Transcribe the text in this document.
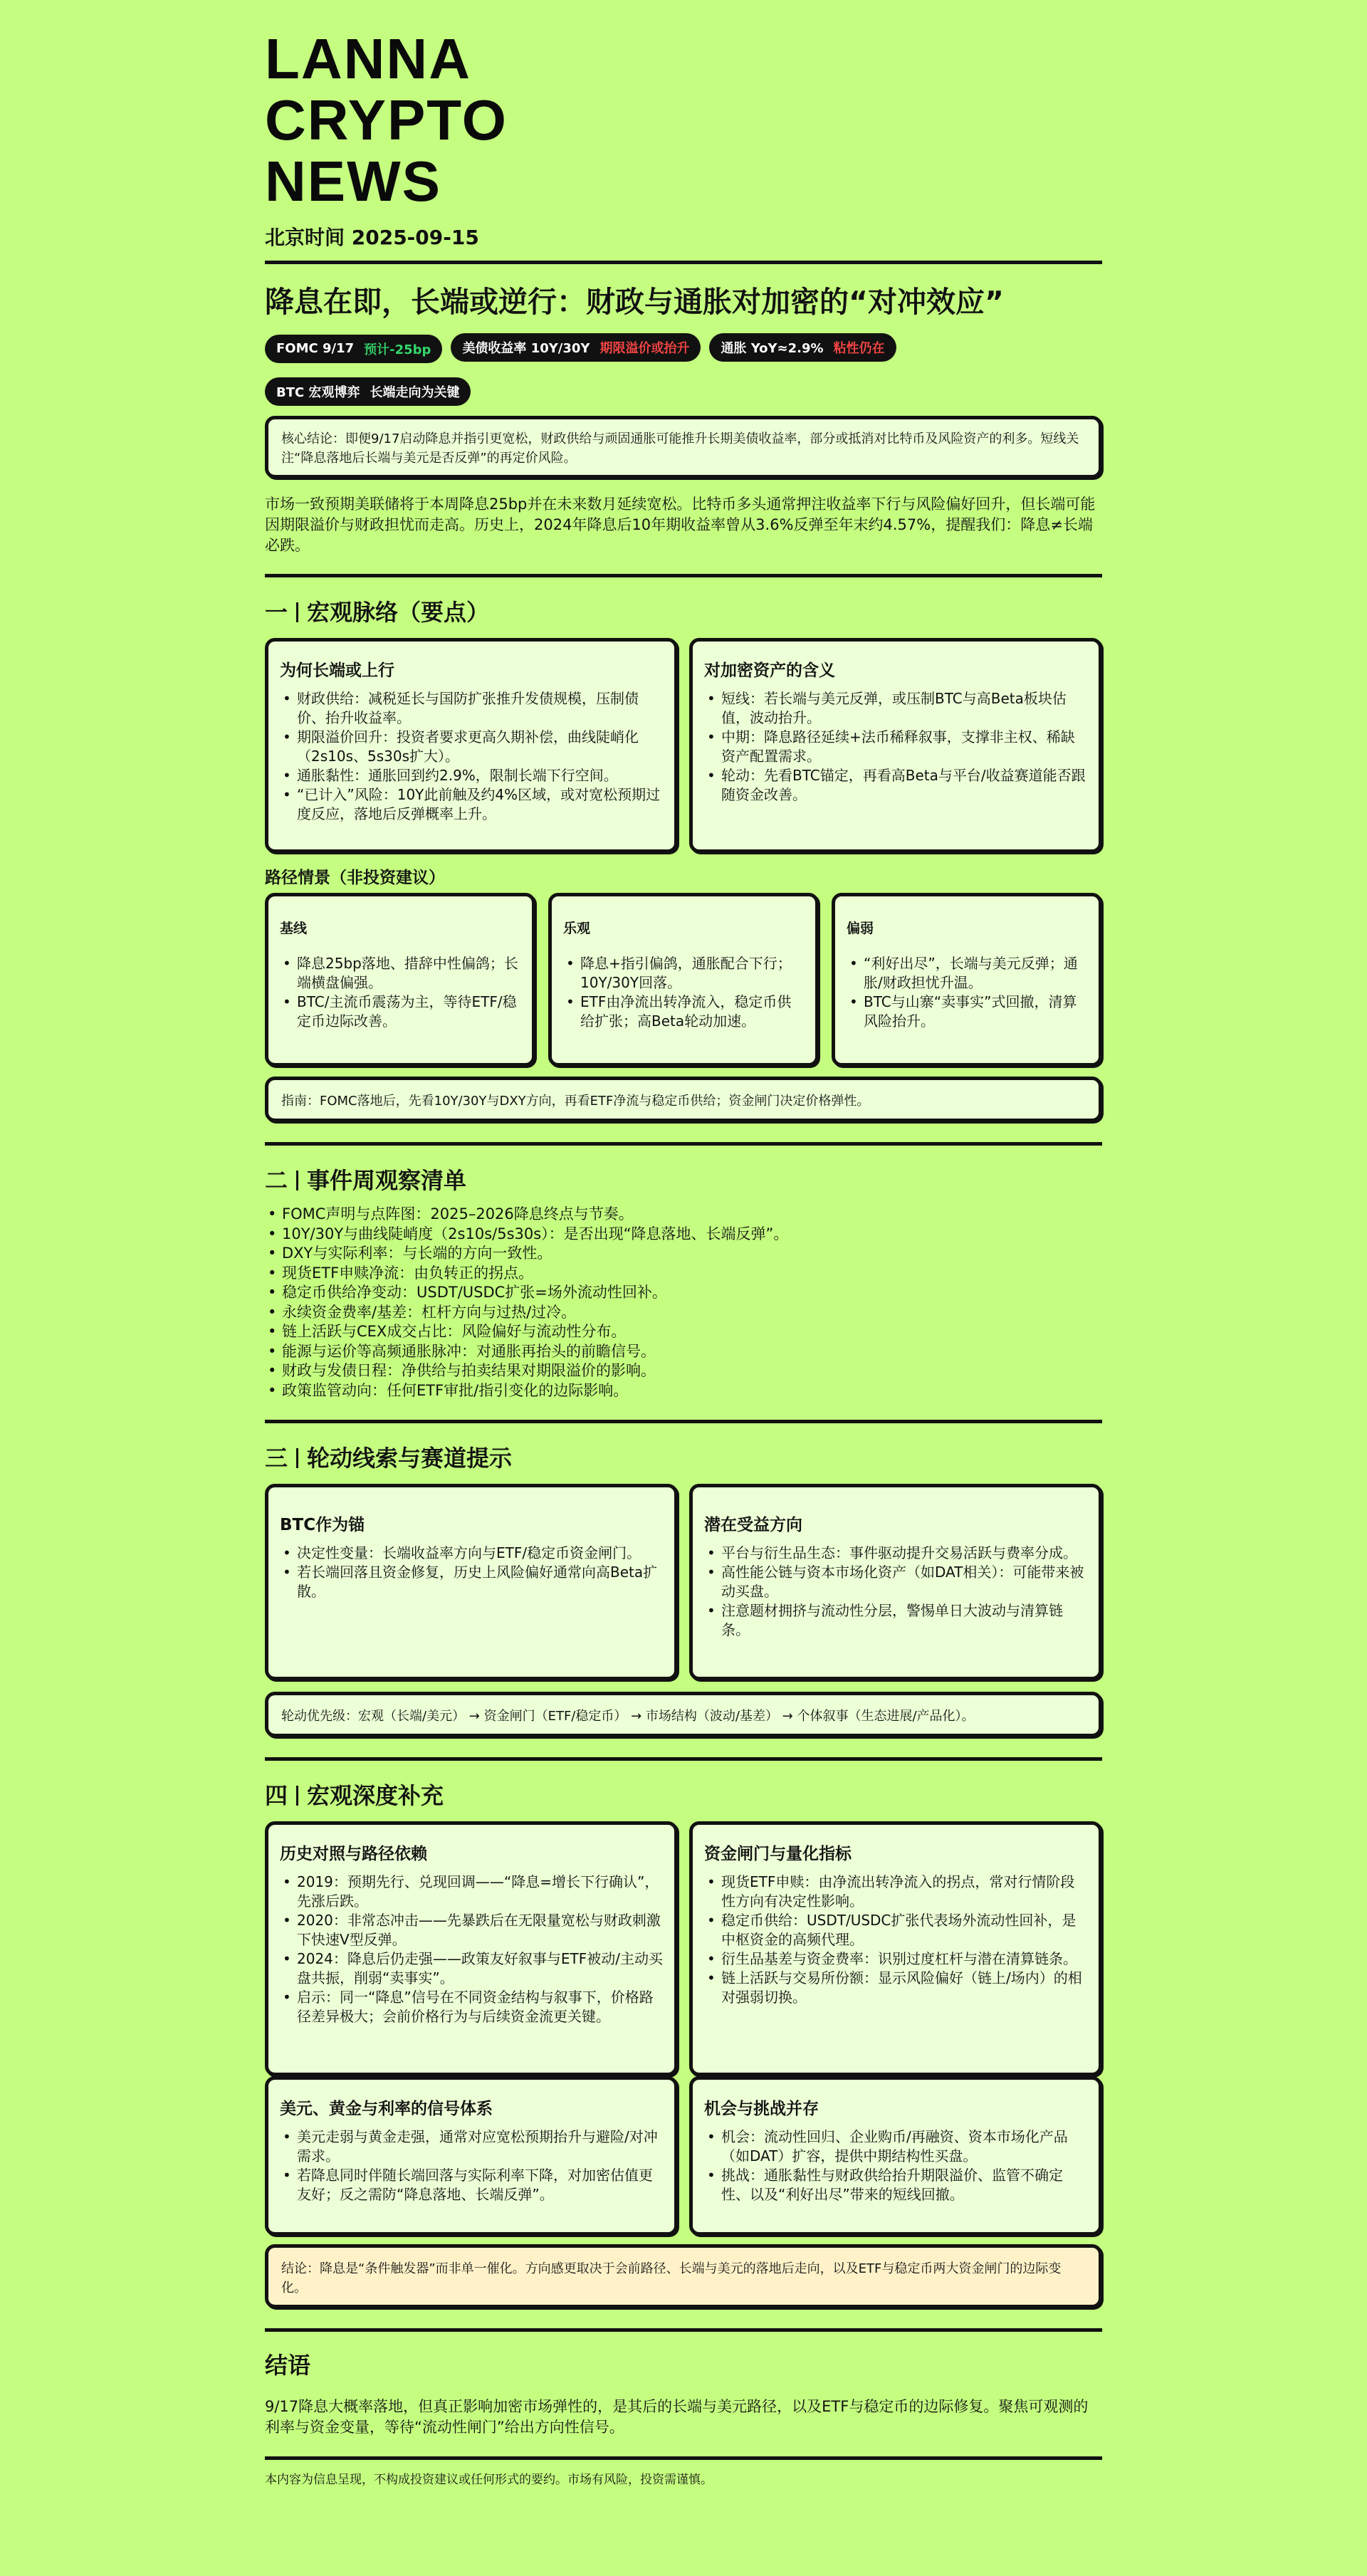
LANNA
CRYPTO
NEWS
北京时间 2025-09-15
降息在即，长端或逆行：财政与通胀对加密的“对冲效应”
FOMC 9/17 预计-25bp 美债收益率 10Y/30Y 期限溢价或抬升 通胀 YoY≈2.9% 粘性仍在

BTC 宏观博弈 长端走向为关键
核心结论：即便9/17启动降息并指引更宽松，财政供给与顽固通胀可能推升长期美债收益率，部分或抵消对比特币及风险资产的利多。短线关注“降息落地后长端与美元是否反弹”的再定价风险。
市场一致预期美联储将于本周降息25bp并在未来数月延续宽松。比特币多头通常押注收益率下行与风险偏好回升，但长端可能因期限溢价与财政担忧而走高。历史上，2024年降息后10年期收益率曾从3.6%反弹至年末约4.57%，提醒我们：降息≠长端必跌。
一 宏观脉络（要点）
为何长端或上行
• 财政供给：减税延长与国防扩张推升发债规模，压制债价、抬升收益率。
• 期限溢价回升：投资者要求更高久期补偿，曲线陡峭化（2s10s、5s30s扩大）。
• 通胀黏性：通胀回到约2.9%，限制长端下行空间。
• “已计入”风险：10Y此前触及约4%区域，或对宽松预期过度反应，落地后反弹概率上升。
对加密资产的含义
• 短线：若长端与美元反弹，或压制BTC与高Beta板块估值，波动抬升。
• 中期：降息路径延续+法币稀释叙事，支撑非主权、稀缺资产配置需求。
• 轮动：先看BTC锚定，再看高Beta与平台/收益赛道能否跟随资金改善。
路径情景（非投资建议）
基线
• 降息25bp落地、措辞中性偏鸽；长端横盘偏强。
• BTC/主流币震荡为主，等待ETF/稳定币边际改善。
乐观
• 降息+指引偏鸽，通胀配合下行；10Y/30Y回落。
• ETF由净流出转净流入，稳定币供给扩张；高Beta轮动加速。
偏弱
• “利好出尽”，长端与美元反弹；通胀/财政担忧升温。
• BTC与山寨“卖事实”式回撤，清算风险抬升。
指南：FOMC落地后，先看10Y/30Y与DXY方向，再看ETF净流与稳定币供给；资金闸门决定价格弹性。
二 事件周观察清单
• FOMC声明与点阵图：2025–2026降息终点与节奏。
• 10Y/30Y与曲线陡峭度（2s10s/5s30s）：是否出现“降息落地、长端反弹”。
• DXY与实际利率：与长端的方向一致性。
• 现货ETF申赎净流：由负转正的拐点。
• 稳定币供给净变动：USDT/USDC扩张=场外流动性回补。
• 永续资金费率/基差：杠杆方向与过热/过冷。
• 链上活跃与CEX成交占比：风险偏好与流动性分布。
• 能源与运价等高频通胀脉冲：对通胀再抬头的前瞻信号。
• 财政与发债日程：净供给与拍卖结果对期限溢价的影响。
• 政策监管动向：任何ETF审批/指引变化的边际影响。
三 轮动线索与赛道提示
BTC作为锚
• 决定性变量：长端收益率方向与ETF/稳定币资金闸门。
• 若长端回落且资金修复，历史上风险偏好通常向高Beta扩散。
潜在受益方向
• 平台与衍生品生态：事件驱动提升交易活跃与费率分成。
• 高性能公链与资本市场化资产（如DAT相关）：可能带来被动买盘。
• 注意题材拥挤与流动性分层，警惕单日大波动与清算链条。
轮动优先级：宏观（长端/美元） → 资金闸门（ETF/稳定币） → 市场结构（波动/基差） → 个体叙事（生态进展/产品化）。
四 宏观深度补充
历史对照与路径依赖
• 2019：预期先行、兑现回调——“降息=增长下行确认”，先涨后跌。
• 2020：非常态冲击——先暴跌后在无限量宽松与财政刺激下快速V型反弹。
• 2024：降息后仍走强——政策友好叙事与ETF被动/主动买盘共振，削弱“卖事实”。
• 启示：同一“降息”信号在不同资金结构与叙事下，价格路径差异极大；会前价格行为与后续资金流更关键。
资金闸门与量化指标
• 现货ETF申赎：由净流出转净流入的拐点，常对行情阶段性方向有决定性影响。
• 稳定币供给：USDT/USDC扩张代表场外流动性回补，是中枢资金的高频代理。
• 衍生品基差与资金费率：识别过度杠杆与潜在清算链条。
• 链上活跃与交易所份额：显示风险偏好（链上/场内）的相对强弱切换。
美元、黄金与利率的信号体系
• 美元走弱与黄金走强，通常对应宽松预期抬升与避险/对冲需求。
• 若降息同时伴随长端回落与实际利率下降，对加密估值更友好；反之需防“降息落地、长端反弹”。
机会与挑战并存
• 机会：流动性回归、企业购币/再融资、资本市场化产品（如DAT）扩容，提供中期结构性买盘。
• 挑战：通胀黏性与财政供给抬升期限溢价、监管不确定性、以及“利好出尽”带来的短线回撤。
结论：降息是“条件触发器”而非单一催化。方向感更取决于会前路径、长端与美元的落地后走向，以及ETF与稳定币两大资金闸门的边际变化。
结语
9/17降息大概率落地，但真正影响加密市场弹性的，是其后的长端与美元路径，以及ETF与稳定币的边际修复。聚焦可观测的利率与资金变量，等待“流动性闸门”给出方向性信号。
本内容为信息呈现，不构成投资建议或任何形式的要约。市场有风险，投资需谨慎。
